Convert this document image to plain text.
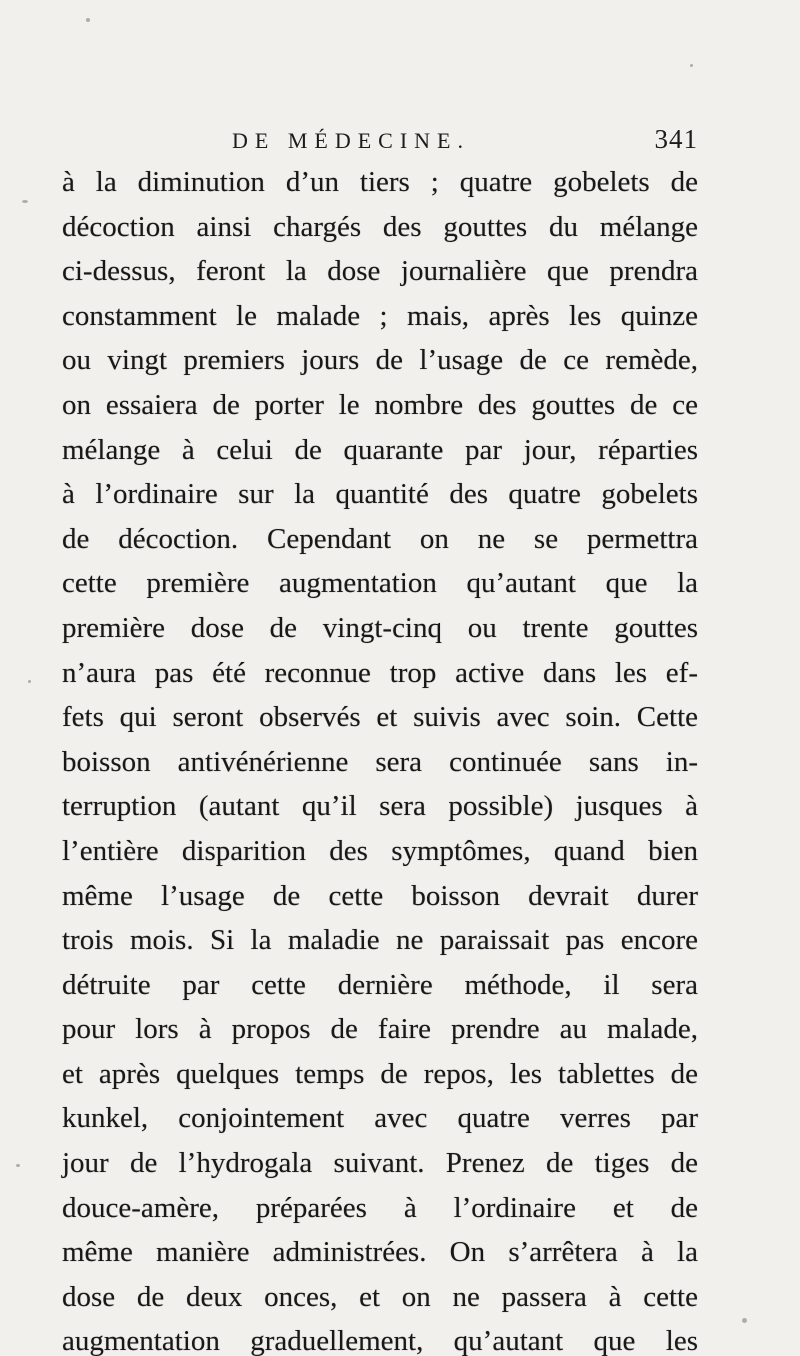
DE MÉDECINE.	341
à la diminution d’un tiers ; quatre gobelets de
décoction ainsi chargés des gouttes du mélange
ci-dessus, feront la dose journalière que prendra
constamment le malade ; mais, après les quinze
ou vingt premiers jours de l’usage de ce remède,
on essaiera de porter le nombre des gouttes de ce
mélange à celui de quarante par jour, réparties
à l’ordinaire sur la quantité des quatre gobelets
de décoction. Cependant on ne se permettra
cette première augmentation qu’autant que la
première dose de vingt-cinq ou trente gouttes
n’aura pas été reconnue trop active dans les ef-
fets qui seront observés et suivis avec soin. Cette
boisson antivénérienne sera continuée sans in-
terruption (autant qu’il sera possible) jusques à
l’entière disparition des symptômes, quand bien
même l’usage de cette boisson devrait durer
trois mois. Si la maladie ne paraissait pas encore
détruite par cette dernière méthode, il sera
pour lors à propos de faire prendre au malade,
et après quelques temps de repos, les tablettes de
kunkel, conjointement avec quatre verres par
jour de l’hydrogala suivant. Prenez de tiges de
douce-amère, préparées à l’ordinaire et de
même manière administrées. On s’arrêtera à la
dose de deux onces, et on ne passera à cette
augmentation graduellement, qu’autant que les
